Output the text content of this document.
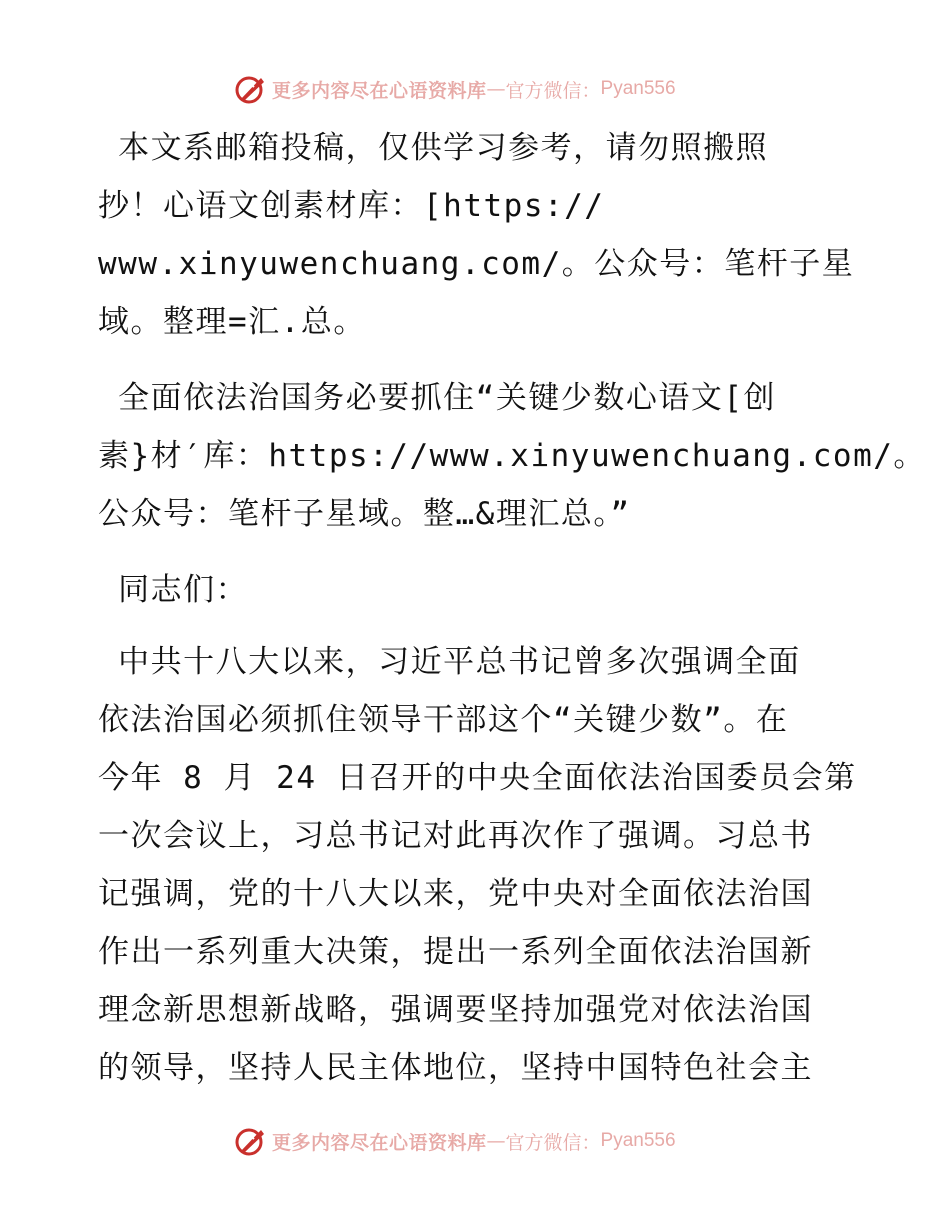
更多内容尽在心语资料库 — 官方微信： Pyan556
本文系邮箱投稿，仅供学习参考，请勿照搬照
抄！心语文创素材库：[https://
www.xinyuwenchuang.com/。公众号：笔杆子星
域。整理=汇.总。
全面依法治国务必要抓住“关键少数心语文[创
素}材′库：https://www.xinyuwenchuang.com/。
公众号：笔杆子星域。整…&理汇总。”
同志们：
中共十八大以来，习近平总书记曾多次强调全面
依法治国必须抓住领导干部这个“关键少数”。在
今年 8 月 24 日召开的中央全面依法治国委员会第
一次会议上，习总书记对此再次作了强调。习总书
记强调，党的十八大以来，党中央对全面依法治国
作出一系列重大决策，提出一系列全面依法治国新
理念新思想新战略，强调要坚持加强党对依法治国
的领导，坚持人民主体地位，坚持中国特色社会主
更多内容尽在心语资料库 — 官方微信： Pyan556
